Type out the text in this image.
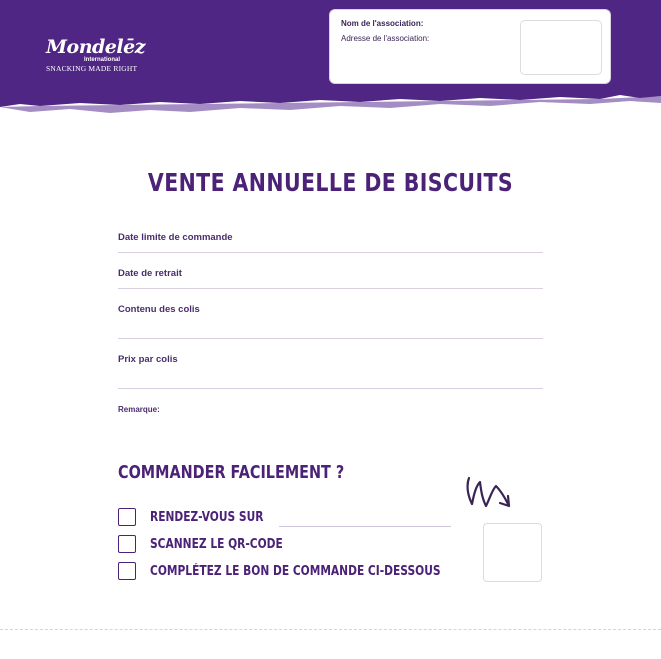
Mondelēz
International
SNACKING MADE RIGHT
Nom de l'association:
Adresse de l'association:
VENTE ANNUELLE DE BISCUITS
Date limite de commande
Date de retrait
Contenu des colis
Prix par colis
Remarque:
COMMANDER FACILEMENT ?
RENDEZ-VOUS SUR
SCANNEZ LE QR-CODE
COMPLÉTEZ LE BON DE COMMANDE CI-DESSOUS
